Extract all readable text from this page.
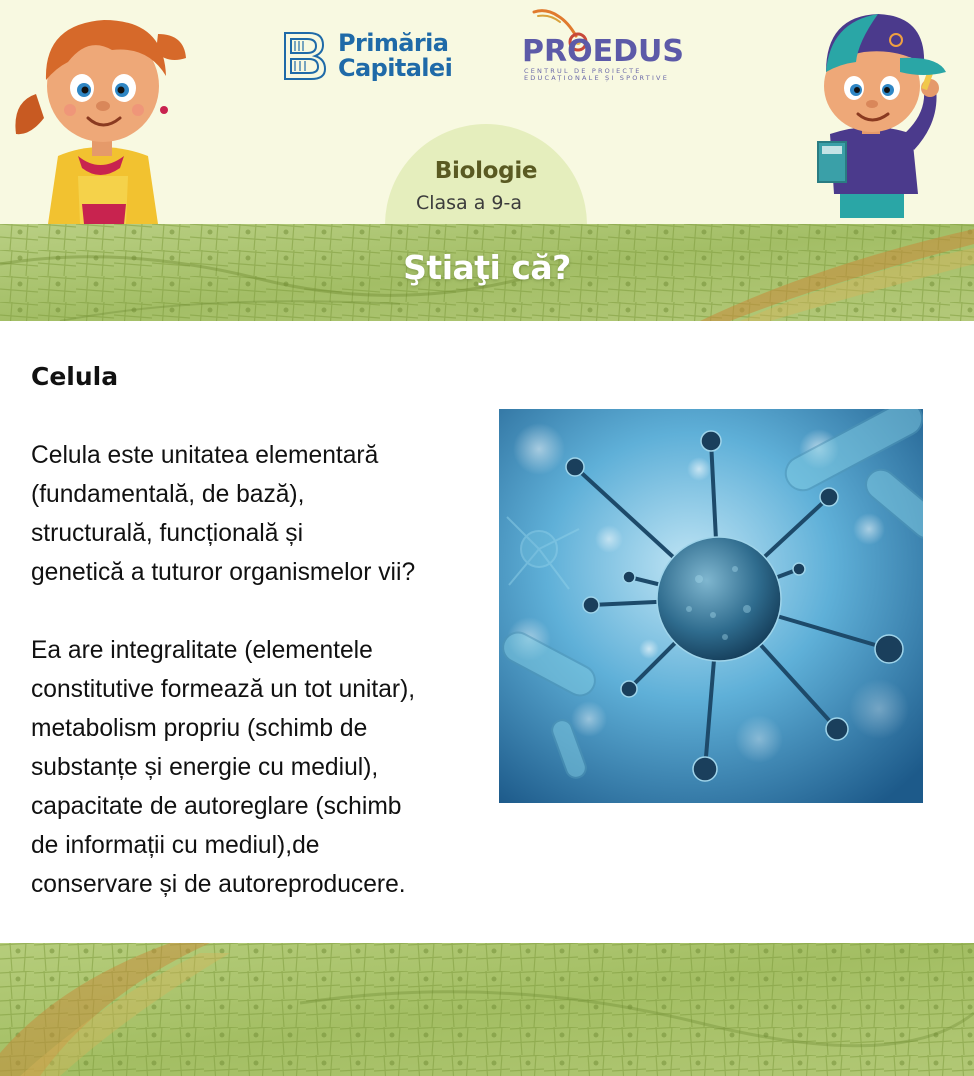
Biologie
Clasa a 9-a
Primăria
Capitalei PROEDUS
CENTRUL DE PROIECTE
EDUCAȚIONALE ȘI SPORTIVE
Ştiaţi că?
Celula

Celula este unitatea elementară
(fundamentală, de bază),
structurală, funcțională și
genetică a tuturor organismelor vii?

Ea are integralitate (elementele
constitutive formează un tot unitar),
metabolism propriu (schimb de
substanțe și energie cu mediul),
capacitate de autoreglare (schimb
de informații cu mediul),de
conservare și de autoreproducere.
